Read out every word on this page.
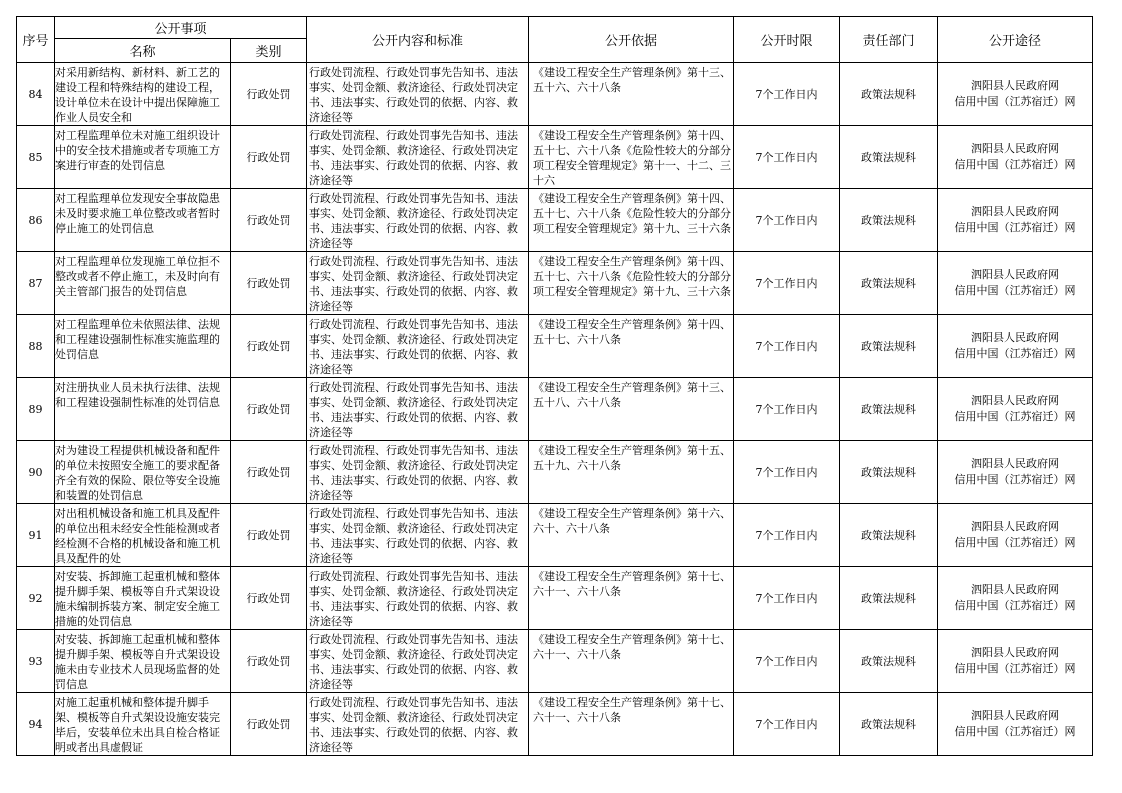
序号	公开事项		公开内容和标准	公开依据	公开时限	责任部门	公开途径
	名称	类别					

84	对采用新结构、新材料、新工艺的建设工程和特殊结构的建设工程，设计单位未在设计中提出保障施工作业人员安全和	行政处罚	行政处罚流程、行政处罚事先告知书、违法事实、处罚金额、救济途径、行政处罚决定书、违法事实、行政处罚的依据、内容、救济途径等	《建设工程安全生产管理条例》第十三、五十六、六十八条	7个工作日内	政策法规科	泗阳县人民政府网
信用中国（江苏宿迁）网

85	对工程监理单位未对施工组织设计中的安全技术措施或者专项施工方案进行审查的处罚信息	行政处罚	行政处罚流程、行政处罚事先告知书、违法事实、处罚金额、救济途径、行政处罚决定书、违法事实、行政处罚的依据、内容、救济途径等	《建设工程安全生产管理条例》第十四、五十七、六十八条《危险性较大的分部分项工程安全管理规定》第十一、十二、三十六	7个工作日内	政策法规科	泗阳县人民政府网
信用中国（江苏宿迁）网

86	对工程监理单位发现安全事故隐患未及时要求施工单位整改或者暂时停止施工的处罚信息	行政处罚	行政处罚流程、行政处罚事先告知书、违法事实、处罚金额、救济途径、行政处罚决定书、违法事实、行政处罚的依据、内容、救济途径等	《建设工程安全生产管理条例》第十四、五十七、六十八条《危险性较大的分部分项工程安全管理规定》第十九、三十六条	7个工作日内	政策法规科	泗阳县人民政府网
信用中国（江苏宿迁）网

87	对工程监理单位发现施工单位拒不整改或者不停止施工，未及时向有关主管部门报告的处罚信息	行政处罚	行政处罚流程、行政处罚事先告知书、违法事实、处罚金额、救济途径、行政处罚决定书、违法事实、行政处罚的依据、内容、救济途径等	《建设工程安全生产管理条例》第十四、五十七、六十八条《危险性较大的分部分项工程安全管理规定》第十九、三十六条	7个工作日内	政策法规科	泗阳县人民政府网
信用中国（江苏宿迁）网

88	对工程监理单位未依照法律、法规和工程建设强制性标准实施监理的处罚信息	行政处罚	行政处罚流程、行政处罚事先告知书、违法事实、处罚金额、救济途径、行政处罚决定书、违法事实、行政处罚的依据、内容、救济途径等	《建设工程安全生产管理条例》第十四、五十七、六十八条	7个工作日内	政策法规科	泗阳县人民政府网
信用中国（江苏宿迁）网

89	对注册执业人员未执行法律、法规和工程建设强制性标准的处罚信息	行政处罚	行政处罚流程、行政处罚事先告知书、违法事实、处罚金额、救济途径、行政处罚决定书、违法事实、行政处罚的依据、内容、救济途径等	《建设工程安全生产管理条例》第十三、五十八、六十八条	7个工作日内	政策法规科	泗阳县人民政府网
信用中国（江苏宿迁）网

90	对为建设工程提供机械设备和配件的单位未按照安全施工的要求配备齐全有效的保险、限位等安全设施和装置的处罚信息	行政处罚	行政处罚流程、行政处罚事先告知书、违法事实、处罚金额、救济途径、行政处罚决定书、违法事实、行政处罚的依据、内容、救济途径等	《建设工程安全生产管理条例》第十五、五十九、六十八条	7个工作日内	政策法规科	泗阳县人民政府网
信用中国（江苏宿迁）网

91	对出租机械设备和施工机具及配件的单位出租未经安全性能检测或者经检测不合格的机械设备和施工机具及配件的处	行政处罚	行政处罚流程、行政处罚事先告知书、违法事实、处罚金额、救济途径、行政处罚决定书、违法事实、行政处罚的依据、内容、救济途径等	《建设工程安全生产管理条例》第十六、六十、六十八条	7个工作日内	政策法规科	泗阳县人民政府网
信用中国（江苏宿迁）网

92	对安装、拆卸施工起重机械和整体提升脚手架、模板等自升式架设设施未编制拆装方案、制定安全施工措施的处罚信息	行政处罚	行政处罚流程、行政处罚事先告知书、违法事实、处罚金额、救济途径、行政处罚决定书、违法事实、行政处罚的依据、内容、救济途径等	《建设工程安全生产管理条例》第十七、六十一、六十八条	7个工作日内	政策法规科	泗阳县人民政府网
信用中国（江苏宿迁）网

93	对安装、拆卸施工起重机械和整体提升脚手架、模板等自升式架设设施未由专业技术人员现场监督的处罚信息	行政处罚	行政处罚流程、行政处罚事先告知书、违法事实、处罚金额、救济途径、行政处罚决定书、违法事实、行政处罚的依据、内容、救济途径等	《建设工程安全生产管理条例》第十七、六十一、六十八条	7个工作日内	政策法规科	泗阳县人民政府网
信用中国（江苏宿迁）网

94	对施工起重机械和整体提升脚手架、模板等自升式架设设施安装完毕后，安装单位未出具自检合格证明或者出具虚假证	行政处罚	行政处罚流程、行政处罚事先告知书、违法事实、处罚金额、救济途径、行政处罚决定书、违法事实、行政处罚的依据、内容、救济途径等	《建设工程安全生产管理条例》第十七、六十一、六十八条	7个工作日内	政策法规科	泗阳县人民政府网
信用中国（江苏宿迁）网
